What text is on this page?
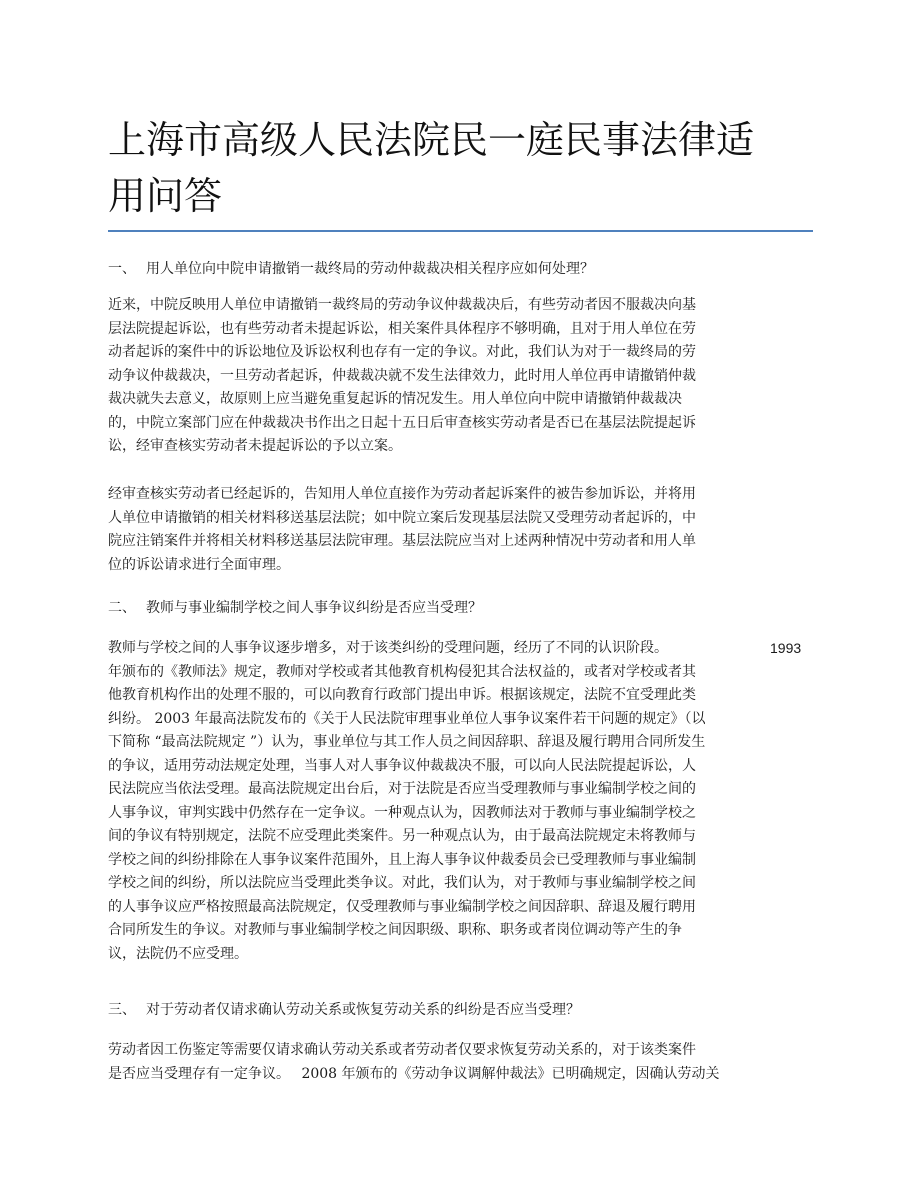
上海市高级人民法院民一庭民事法律适
用问答

一、 用人单位向中院申请撤销一裁终局的劳动仲裁裁决相关程序应如何处理？

近来，中院反映用人单位申请撤销一裁终局的劳动争议仲裁裁决后，有些劳动者因不服裁决向基
层法院提起诉讼，也有些劳动者未提起诉讼，相关案件具体程序不够明确，且对于用人单位在劳
动者起诉的案件中的诉讼地位及诉讼权利也存有一定的争议。对此，我们认为对于一裁终局的劳
动争议仲裁裁决，一旦劳动者起诉，仲裁裁决就不发生法律效力，此时用人单位再申请撤销仲裁
裁决就失去意义，故原则上应当避免重复起诉的情况发生。用人单位向中院申请撤销仲裁裁决
的，中院立案部门应在仲裁裁决书作出之日起十五日后审查核实劳动者是否已在基层法院提起诉
讼，经审查核实劳动者未提起诉讼的予以立案。

经审查核实劳动者已经起诉的，告知用人单位直接作为劳动者起诉案件的被告参加诉讼，并将用
人单位申请撤销的相关材料移送基层法院；如中院立案后发现基层法院又受理劳动者起诉的，中
院应注销案件并将相关材料移送基层法院审理。基层法院应当对上述两种情况中劳动者和用人单
位的诉讼请求进行全面审理。

二、 教师与事业编制学校之间人事争议纠纷是否应当受理？

教师与学校之间的人事争议逐步增多，对于该类纠纷的受理问题，经历了不同的认识阶段。
年颁布的《教师法》规定，教师对学校或者其他教育机构侵犯其合法权益的，或者对学校或者其
他教育机构作出的处理不服的，可以向教育行政部门提出申诉。根据该规定，法院不宜受理此类
纠纷。 2003 年最高法院发布的《关于人民法院审理事业单位人事争议案件若干问题的规定》（以
下简称 “最高法院规定 ”）认为，事业单位与其工作人员之间因辞职、辞退及履行聘用合同所发生
的争议，适用劳动法规定处理，当事人对人事争议仲裁裁决不服，可以向人民法院提起诉讼，人
民法院应当依法受理。最高法院规定出台后，对于法院是否应当受理教师与事业编制学校之间的
人事争议，审判实践中仍然存在一定争议。一种观点认为，因教师法对于教师与事业编制学校之
间的争议有特别规定，法院不应受理此类案件。另一种观点认为，由于最高法院规定未将教师与
学校之间的纠纷排除在人事争议案件范围外，且上海人事争议仲裁委员会已受理教师与事业编制
学校之间的纠纷，所以法院应当受理此类争议。对此，我们认为，对于教师与事业编制学校之间
的人事争议应严格按照最高法院规定，仅受理教师与事业编制学校之间因辞职、辞退及履行聘用
合同所发生的争议。对教师与事业编制学校之间因职级、职称、职务或者岗位调动等产生的争
议，法院仍不应受理。

1993

三、 对于劳动者仅请求确认劳动关系或恢复劳动关系的纠纷是否应当受理？

劳动者因工伤鉴定等需要仅请求确认劳动关系或者劳动者仅要求恢复劳动关系的，对于该类案件
是否应当受理存有一定争议。　 2008 年颁布的《劳动争议调解仲裁法》已明确规定，因确认劳动关
